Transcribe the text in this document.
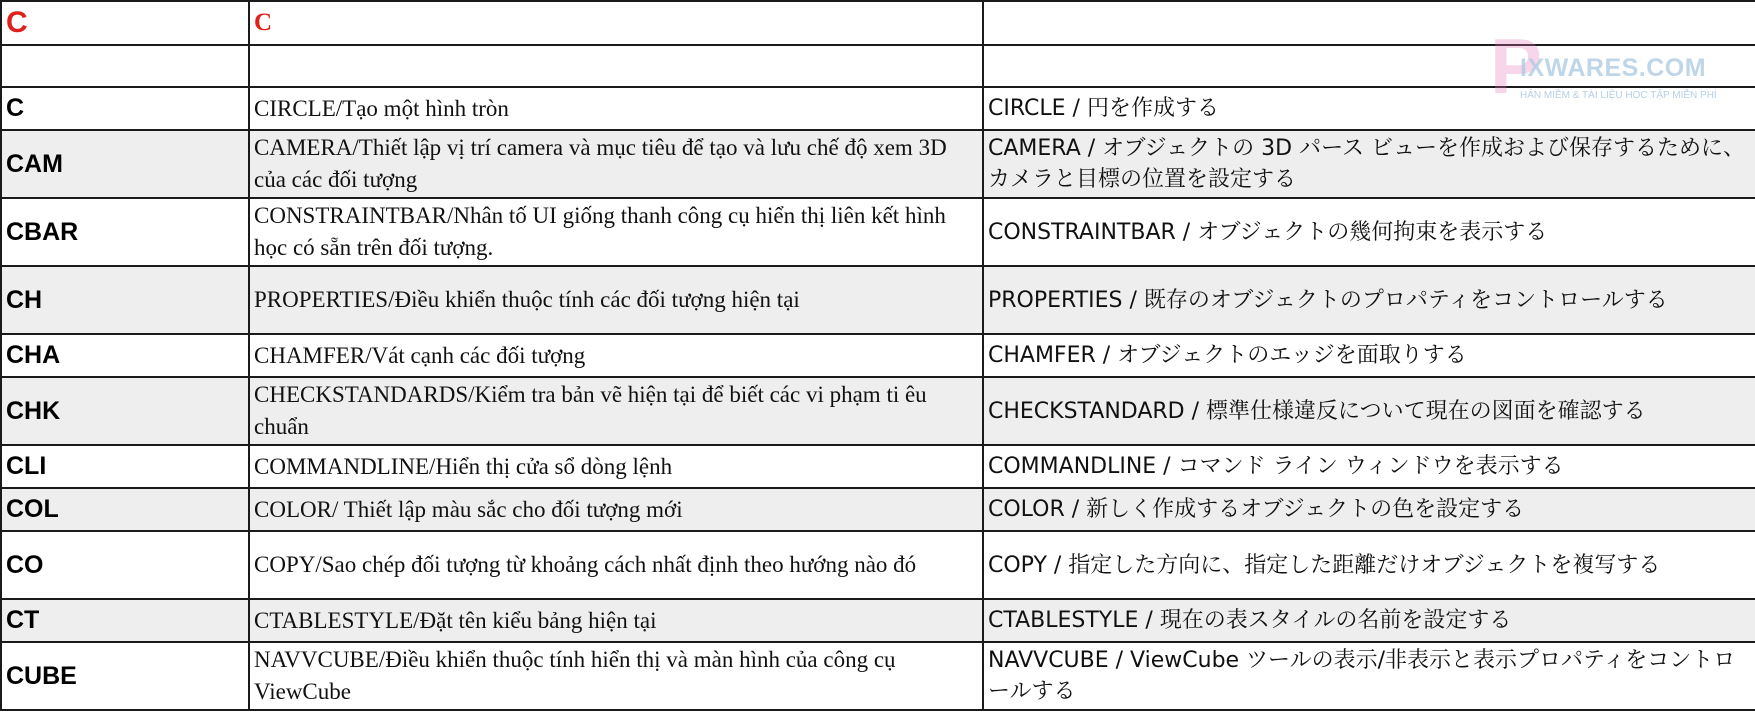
C	C	

C	CIRCLE/Tạo một hình tròn	CIRCLE / 円を作成する
CAM	CAMERA/Thiết lập vị trí camera và mục tiêu để tạo và lưu chế độ xem 3D của các đối tượng	CAMERA / オブジェクトの 3D パース ビューを作成および保存するために、カメラと目標の位置を設定する
CBAR	CONSTRAINTBAR/Nhân tố UI giống thanh công cụ hiển thị liên kết hình học có sẵn trên đối tượng.	CONSTRAINTBAR / オブジェクトの幾何拘束を表示する
CH	PROPERTIES/Điều khiển thuộc tính các đối tượng hiện tại	PROPERTIES / 既存のオブジェクトのプロパティをコントロールする
CHA	CHAMFER/Vát cạnh các đối tượng	CHAMFER / オブジェクトのエッジを面取りする
CHK	CHECKSTANDARDS/Kiểm tra bản vẽ hiện tại để biết các vi phạm ti êu chuẩn	CHECKSTANDARD / 標準仕様違反について現在の図面を確認する
CLI	COMMANDLINE/Hiển thị cửa sổ dòng lệnh	COMMANDLINE / コマンド ライン ウィンドウを表示する
COL	COLOR/ Thiết lập màu sắc cho đối tượng mới	COLOR / 新しく作成するオブジェクトの色を設定する
CO	COPY/Sao chép đối tượng từ khoảng cách nhất định theo hướng nào đó	COPY / 指定した方向に、指定した距離だけオブジェクトを複写する
CT	CTABLESTYLE/Đặt tên kiểu bảng hiện tại	CTABLESTYLE / 現在の表スタイルの名前を設定する
CUBE	NAVVCUBE/Điều khiển thuộc tính hiển thị và màn hình của công cụ ViewCube	NAVVCUBE / ViewCube ツールの表示/非表示と表示プロパティをコントロールする
P
IXWARES.COM
HÂN MIỀM & TÀI LIỆU HỌC TẬP MIỄN PHÍ
